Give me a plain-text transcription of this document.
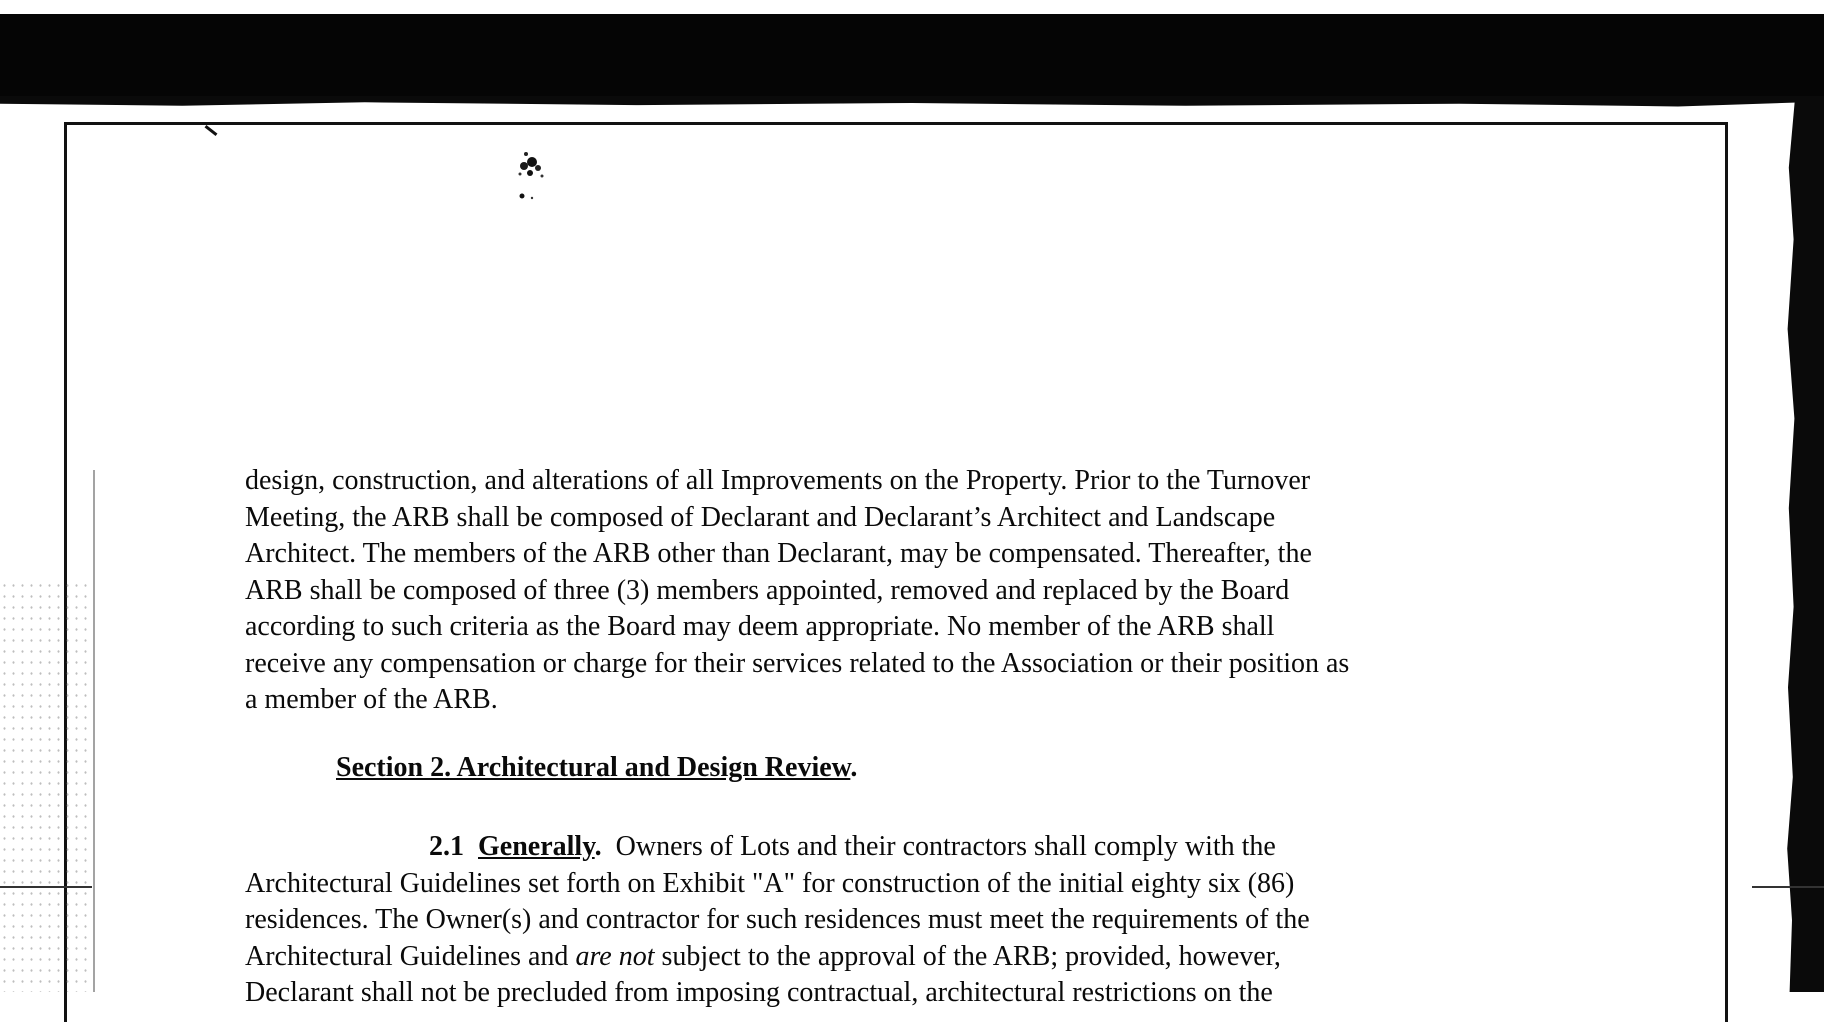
design, construction, and alterations of all Improvements on the Property. Prior to the Turnover
Meeting, the ARB shall be composed of Declarant and Declarant’s Architect and Landscape
Architect. The members of the ARB other than Declarant, may be compensated. Thereafter, the
ARB shall be composed of three (3) members appointed, removed and replaced by the Board
according to such criteria as the Board may deem appropriate. No member of the ARB shall
receive any compensation or charge for their services related to the Association or their position as
a member of the ARB.
Section 2. Architectural and Design Review.
2.1 Generally. Owners of Lots and their contractors shall comply with the
Architectural Guidelines set forth on Exhibit "A" for construction of the initial eighty six (86)
residences. The Owner(s) and contractor for such residences must meet the requirements of the
Architectural Guidelines and are not subject to the approval of the ARB; provided, however,
Declarant shall not be precluded from imposing contractual, architectural restrictions on the
